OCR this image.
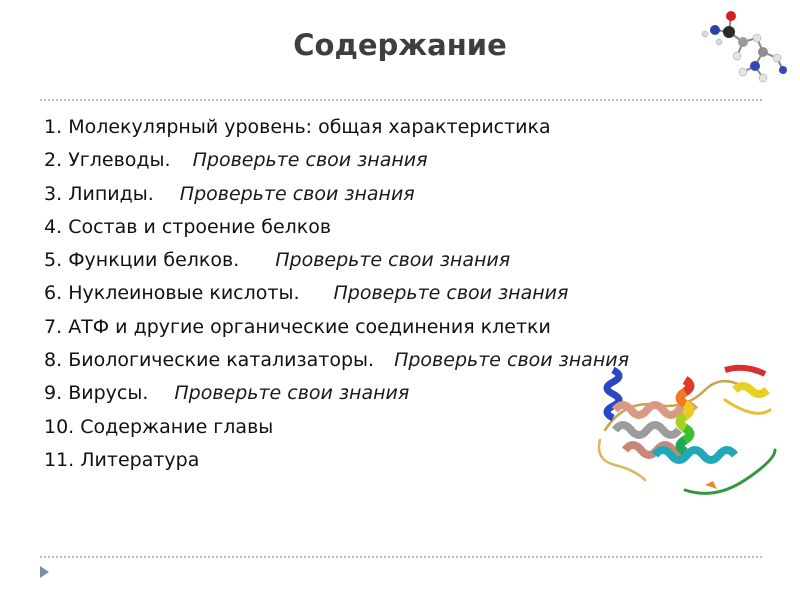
Содержание
1. Молекулярный уровень: общая характеристика
2. Углеводы. Проверьте свои знания
3. Липиды. Проверьте свои знания
4. Состав и строение белков
5. Функции белков. Проверьте свои знания
6. Нуклеиновые кислоты. Проверьте свои знания
7. АТФ и другие органические соединения клетки
8. Биологические катализаторы. Проверьте свои знания
9. Вирусы. Проверьте свои знания
10. Содержание главы
11. Литература
